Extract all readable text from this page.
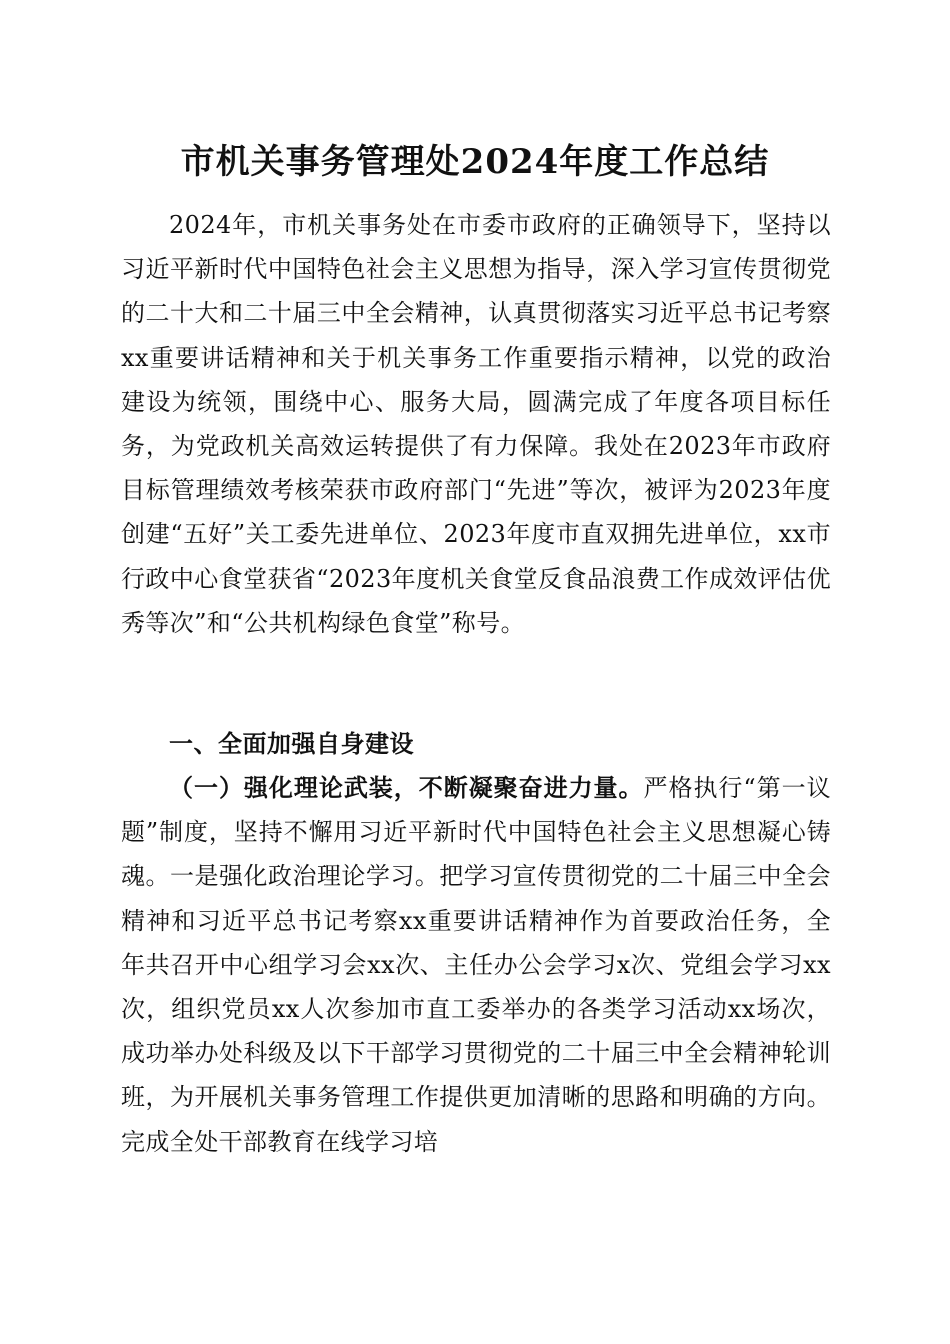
市机关事务管理处2024年度工作总结

2024年，市机关事务处在市委市政府的正确领导下，坚持以习近平新时代中国特色社会主义思想为指导，深入学习宣传贯彻党的二十大和二十届三中全会精神，认真贯彻落实习近平总书记考察xx重要讲话精神和关于机关事务工作重要指示精神，以党的政治建设为统领，围绕中心、服务大局，圆满完成了年度各项目标任务，为党政机关高效运转提供了有力保障。我处在2023年市政府目标管理绩效考核荣获市政府部门“先进”等次，被评为2023年度创建“五好”关工委先进单位、2023年度市直双拥先进单位，xx市行政中心食堂获省“2023年度机关食堂反食品浪费工作成效评估优秀等次”和“公共机构绿色食堂”称号。

一、全面加强自身建设

（一）强化理论武装，不断凝聚奋进力量。严格执行“第一议题”制度，坚持不懈用习近平新时代中国特色社会主义思想凝心铸魂。一是强化政治理论学习。把学习宣传贯彻党的二十届三中全会精神和习近平总书记考察xx重要讲话精神作为首要政治任务，全年共召开中心组学习会xx次、主任办公会学习x次、党组会学习xx次，组织党员xx人次参加市直工委举办的各类学习活动xx场次，成功举办处科级及以下干部学习贯彻党的二十届三中全会精神轮训班，为开展机关事务管理工作提供更加清晰的思路和明确的方向。完成全处干部教育在线学习培
